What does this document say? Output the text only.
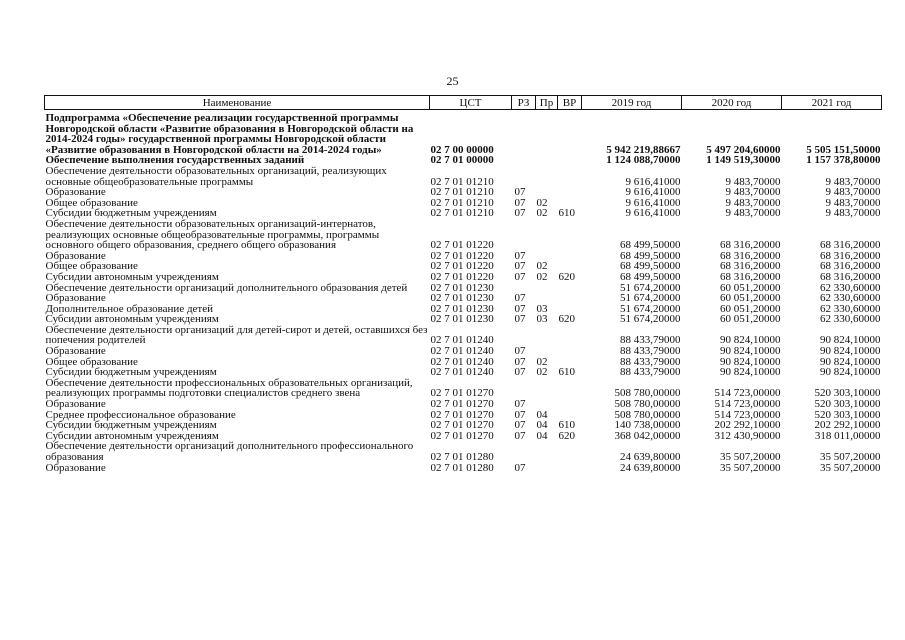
25
Наименование	ЦСТ	РЗ	Пр	ВР	2019 год	2020 год	2021 год
Подпрограмма «Обеспечение реализации государственной программы Новгородской области «Развитие образования в Новгородской области на 2014-2024 годы» государственной программы Новгородской области «Развитие образования в Новгородской области на 2014-2024 годы»	02 7 00 00000				5 942 219,88667	5 497 204,60000	5 505 151,50000
Обеспечение выполнения государственных заданий	02 7 01 00000				1 124 088,70000	1 149 519,30000	1 157 378,80000
Обеспечение деятельности образовательных организаций, реализующих основные общеобразовательные программы	02 7 01 01210				9 616,41000	9 483,70000	9 483,70000
Образование	02 7 01 01210	07			9 616,41000	9 483,70000	9 483,70000
Общее образование	02 7 01 01210	07	02		9 616,41000	9 483,70000	9 483,70000
Субсидии бюджетным учреждениям	02 7 01 01210	07	02	610	9 616,41000	9 483,70000	9 483,70000
Обеспечение деятельности образовательных организаций-интернатов, реализующих основные общеобразовательные программы, программы основного общего образования, среднего общего образования	02 7 01 01220				68 499,50000	68 316,20000	68 316,20000
Образование	02 7 01 01220	07			68 499,50000	68 316,20000	68 316,20000
Общее образование	02 7 01 01220	07	02		68 499,50000	68 316,20000	68 316,20000
Субсидии автономным учреждениям	02 7 01 01220	07	02	620	68 499,50000	68 316,20000	68 316,20000
Обеспечение деятельности организаций дополнительного образования детей	02 7 01 01230				51 674,20000	60 051,20000	62 330,60000
Образование	02 7 01 01230	07			51 674,20000	60 051,20000	62 330,60000
Дополнительное образование детей	02 7 01 01230	07	03		51 674,20000	60 051,20000	62 330,60000
Субсидии автономным учреждениям	02 7 01 01230	07	03	620	51 674,20000	60 051,20000	62 330,60000
Обеспечение деятельности организаций для детей-сирот и детей, оставшихся без попечения родителей	02 7 01 01240				88 433,79000	90 824,10000	90 824,10000
Образование	02 7 01 01240	07			88 433,79000	90 824,10000	90 824,10000
Общее образование	02 7 01 01240	07	02		88 433,79000	90 824,10000	90 824,10000
Субсидии бюджетным учреждениям	02 7 01 01240	07	02	610	88 433,79000	90 824,10000	90 824,10000
Обеспечение деятельности профессиональных образовательных организаций, реализующих программы подготовки специалистов среднего звена	02 7 01 01270				508 780,00000	514 723,00000	520 303,10000
Образование	02 7 01 01270	07			508 780,00000	514 723,00000	520 303,10000
Среднее профессиональное образование	02 7 01 01270	07	04		508 780,00000	514 723,00000	520 303,10000
Субсидии бюджетным учреждениям	02 7 01 01270	07	04	610	140 738,00000	202 292,10000	202 292,10000
Субсидии автономным учреждениям	02 7 01 01270	07	04	620	368 042,00000	312 430,90000	318 011,00000
Обеспечение деятельности организаций дополнительного профессионального образования	02 7 01 01280				24 639,80000	35 507,20000	35 507,20000
Образование	02 7 01 01280	07			24 639,80000	35 507,20000	35 507,20000
